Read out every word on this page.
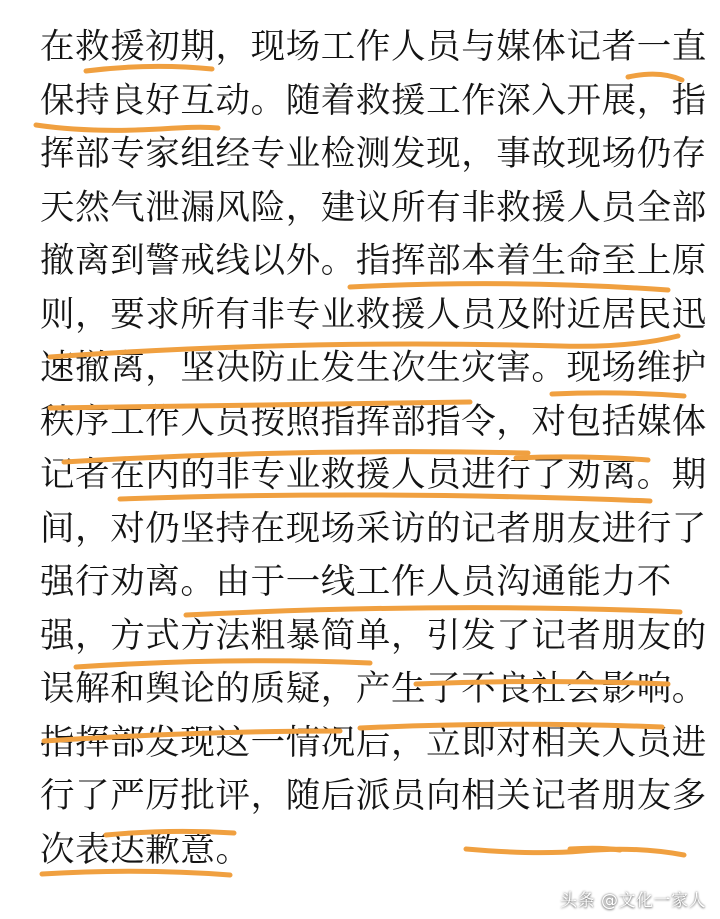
在救援初期，现场工作人员与媒体记者一直
保持良好互动。随着救援工作深入开展，指
挥部专家组经专业检测发现，事故现场仍存
天然气泄漏风险，建议所有非救援人员全部
撤离到警戒线以外。指挥部本着生命至上原
则，要求所有非专业救援人员及附近居民迅
速撤离，坚决防止发生次生灾害。现场维护
秩序工作人员按照指挥部指令，对包括媒体
记者在内的非专业救援人员进行了劝离。期
间，对仍坚持在现场采访的记者朋友进行了
强行劝离。由于一线工作人员沟通能力不
强，方式方法粗暴简单，引发了记者朋友的
误解和舆论的质疑，产生了不良社会影响。
指挥部发现这一情况后，立即对相关人员进
行了严厉批评，随后派员向相关记者朋友多
次表达歉意。
头条 @文化一家人
